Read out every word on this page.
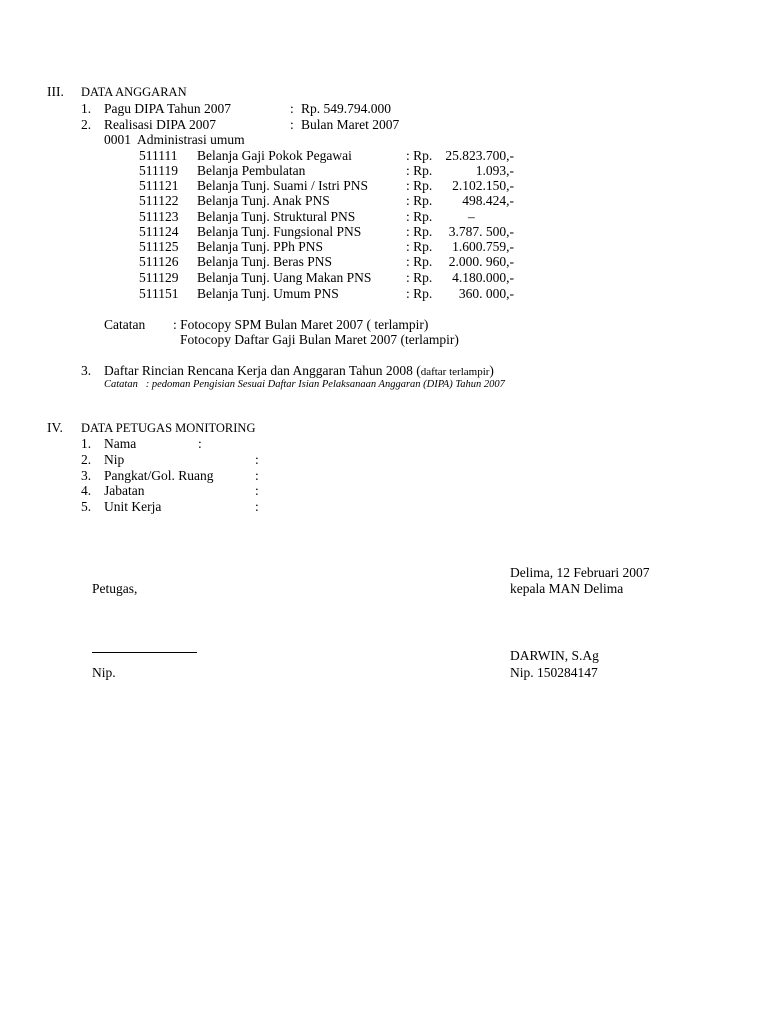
III. DATA ANGGARAN
1. Pagu DIPA Tahun 2007	: Rp. 549.794.000
2. Realisasi DIPA 2007	: Bulan Maret 2007
0001  Administrasi umum
511111 Belanja Gaji Pokok Pegawai	: Rp. 25.823.700,-
511119 Belanja Pembulatan	: Rp.	1.093,-
511121 Belanja Tunj. Suami / Istri PNS	: Rp.	2.102.150,-
511122 Belanja Tunj. Anak PNS	: Rp.	498.424,-
511123 Belanja Tunj. Struktural PNS	: Rp.	–
511124 Belanja Tunj. Fungsional PNS	: Rp.	3.787. 500,-
511125 Belanja Tunj. PPh PNS	: Rp.	1.600.759,-
511126 Belanja Tunj. Beras PNS	: Rp.	2.000. 960,-
511129 Belanja Tunj. Uang Makan PNS	: Rp.	4.180.000,-
511151 Belanja Tunj. Umum PNS	: Rp.	360. 000,-
Catatan : Fotocopy SPM Bulan Maret 2007 ( terlampir)
Fotocopy Daftar Gaji Bulan Maret 2007 (terlampir)
3. Daftar Rincian Rencana Kerja dan Anggaran Tahun 2008 (daftar terlampir)
Catatan   : pedoman Pengisian Sesuai Daftar Isian Pelaksanaan Anggaran (DIPA) Tahun 2007
IV. DATA PETUGAS MONITORING
1. Nama	:
2. Nip	:
3. Pangkat/Gol. Ruang	:
4. Jabatan	:
5. Unit Kerja	:
Delima, 12 Februari 2007
Petugas,	kepala MAN Delima
DARWIN, S.Ag
Nip.	Nip. 150284147
